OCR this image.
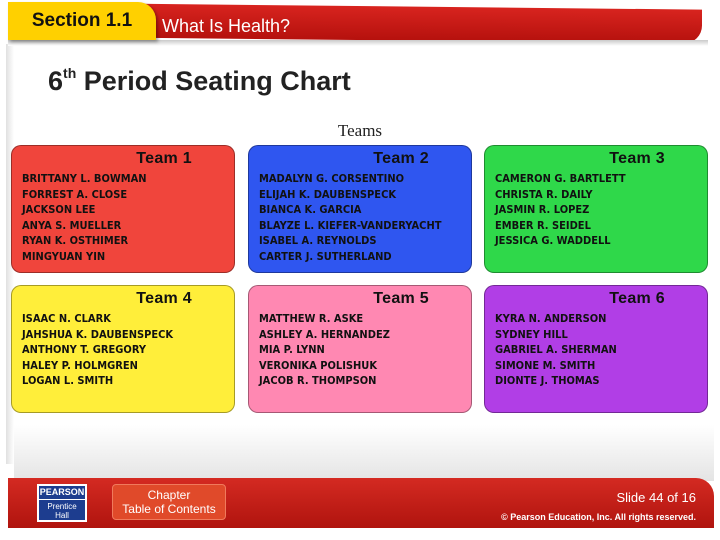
Section 1.1 What Is Health?
6th Period Seating Chart
Teams
Team 1
BRITTANY L. BOWMAN
FORREST A. CLOSE
JACKSON LEE
ANYA S. MUELLER
RYAN K. OSTHIMER
MINGYUAN YIN
Team 2
MADALYN G. CORSENTINO
ELIJAH K. DAUBENSPECK
BIANCA K. GARCIA
BLAYZE L. KIEFER-VANDERYACHT
ISABEL A. REYNOLDS
CARTER J. SUTHERLAND
Team 3
CAMERON G. BARTLETT
CHRISTA R. DAILY
JASMIN R. LOPEZ
EMBER R. SEIDEL
JESSICA G. WADDELL
Team 4
ISAAC N. CLARK
JAHSHUA K. DAUBENSPECK
ANTHONY T. GREGORY
HALEY P. HOLMGREN
LOGAN L. SMITH
Team 5
MATTHEW R. ASKE
ASHLEY A. HERNANDEZ
MIA P. LYNN
VERONIKA POLISHUK
JACOB R. THOMPSON
Team 6
KYRA N. ANDERSON
SYDNEY HILL
GABRIEL A. SHERMAN
SIMONE M. SMITH
DIONTE J. THOMAS
PEARSON
Prentice
Hall
Chapter
Table of Contents
Slide 44 of 16
© Pearson Education, Inc. All rights reserved.
